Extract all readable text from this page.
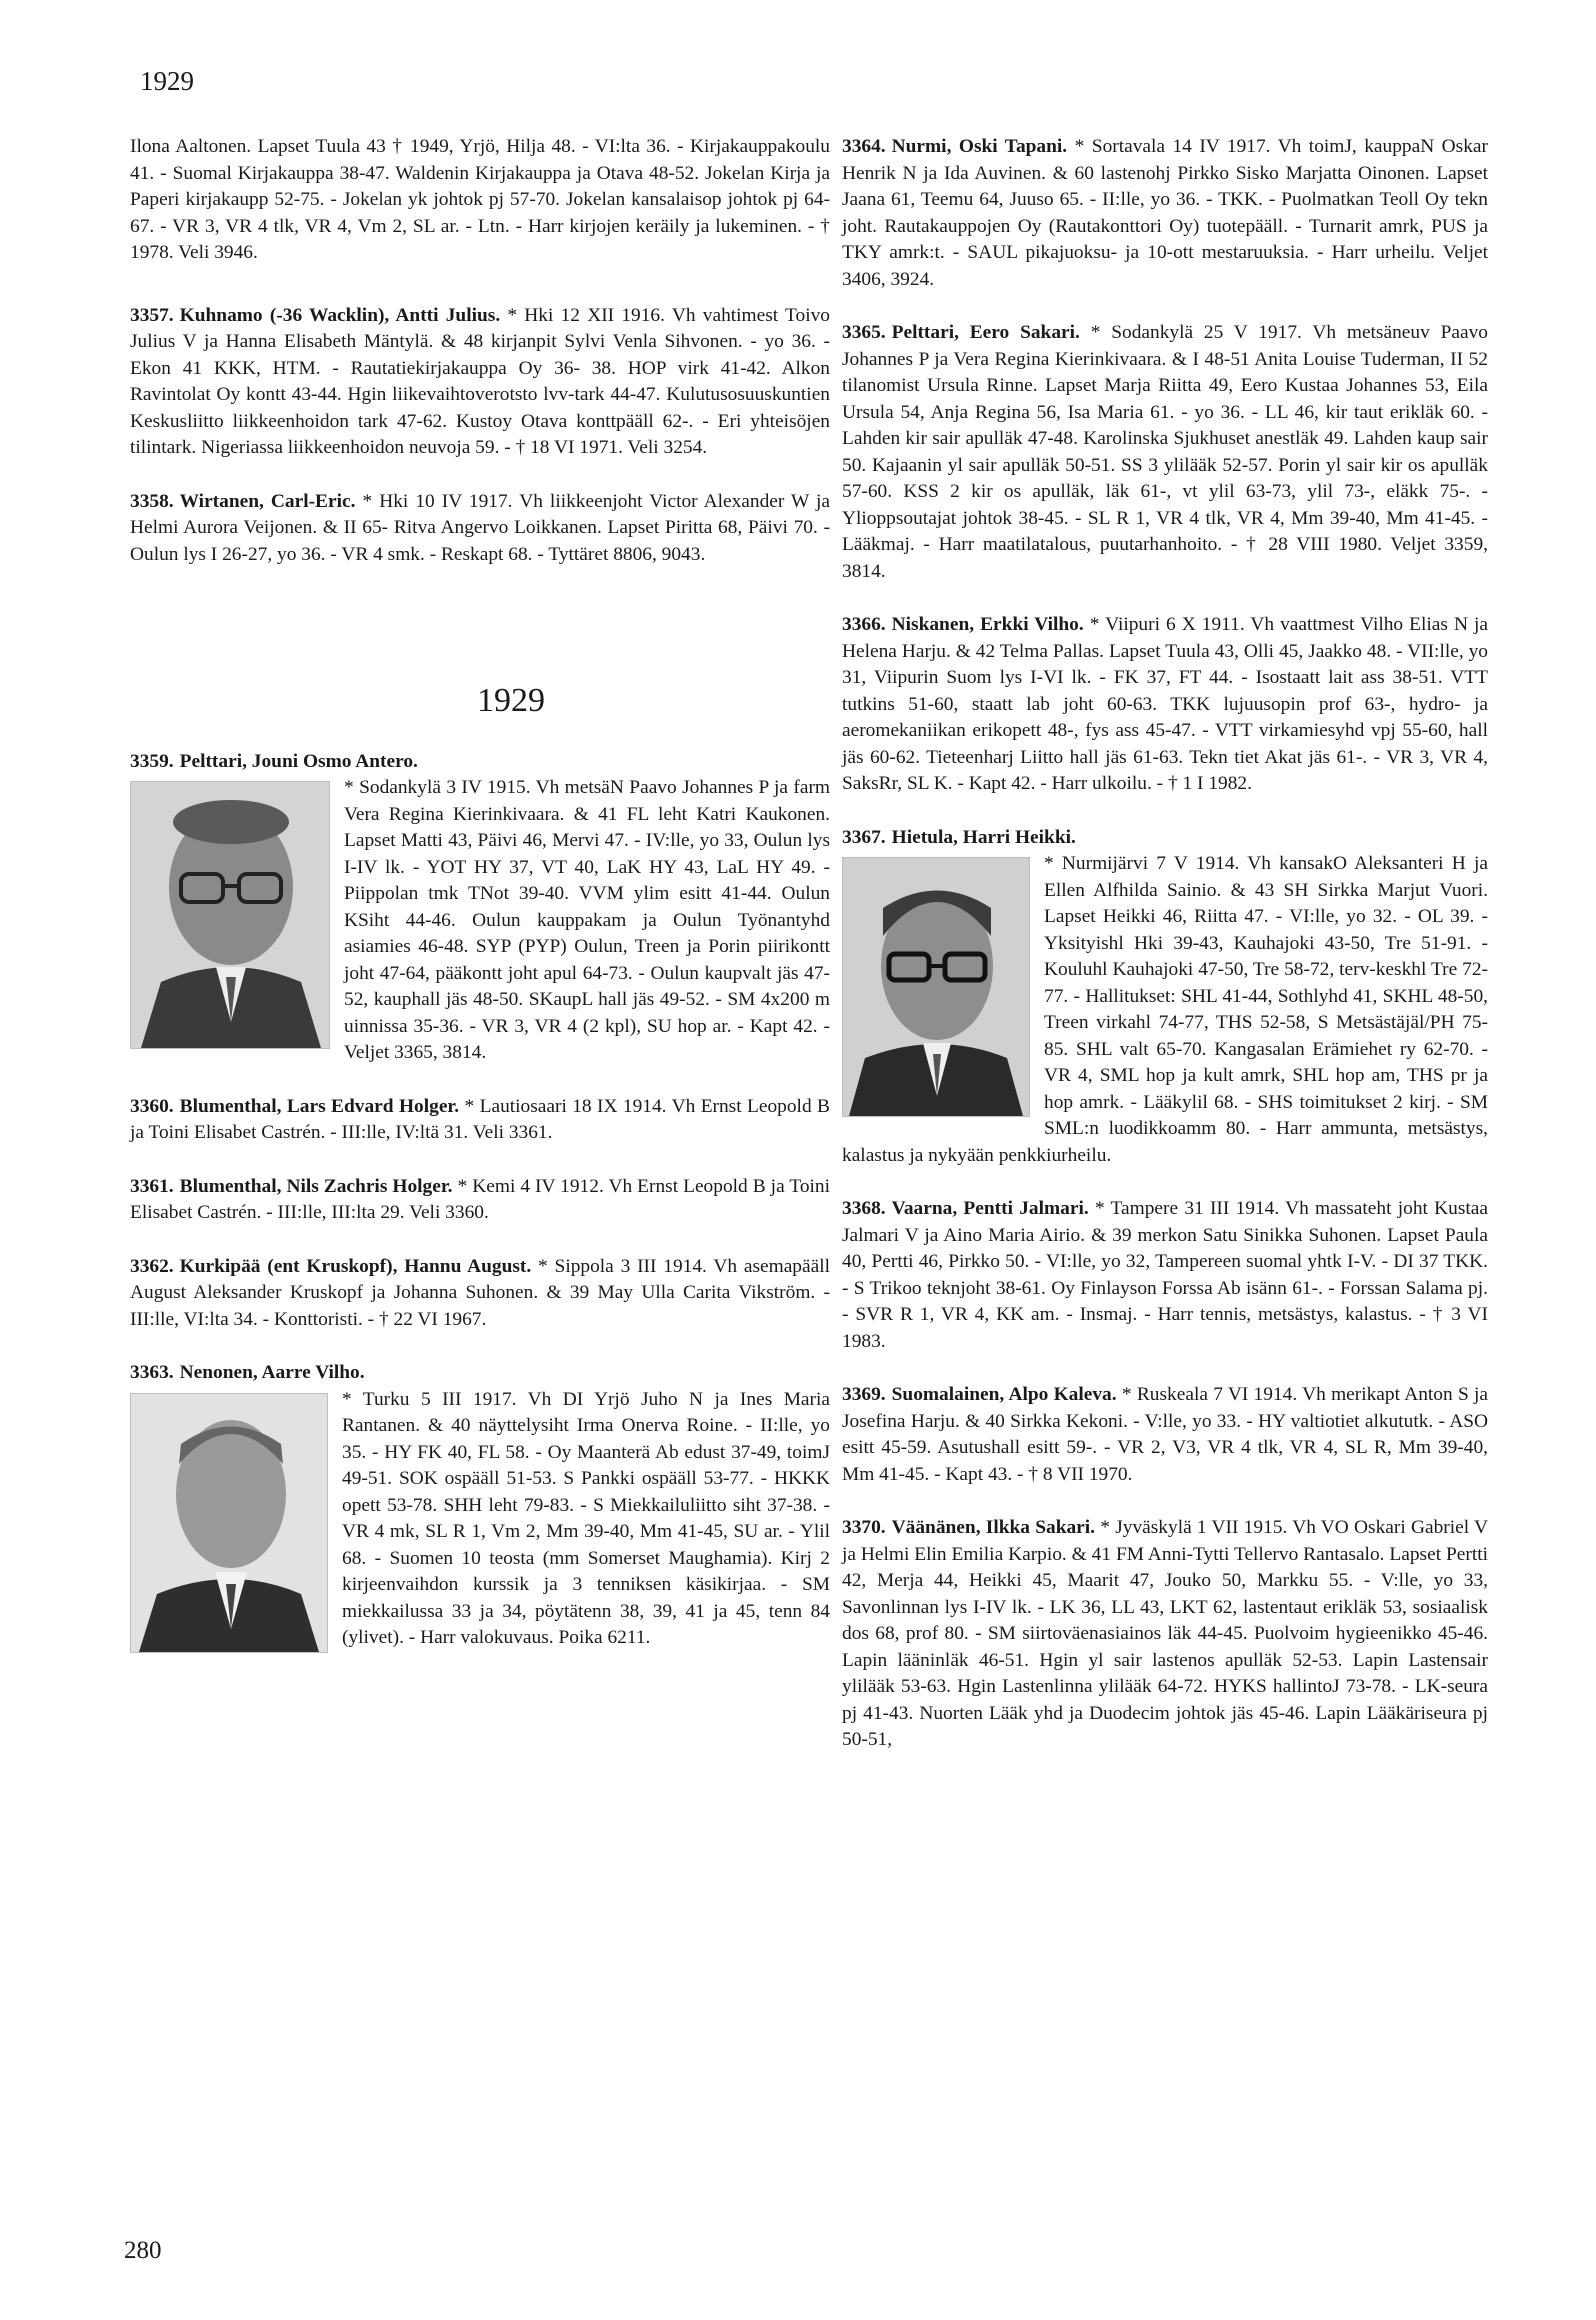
1929

Ilona Aaltonen. Lapset Tuula 43 † 1949, Yrjö, Hilja 48. - VI:lta 36. - Kirjakauppakoulu 41. - Suomal Kirjakauppa 38-47. Waldenin Kirjakauppa ja Otava 48-52. Jokelan Kirja ja Paperi kirjakaupp 52-75. - Jokelan yk johtok pj 57-70. Jokelan kansalaisop johtok pj 64-67. - VR 3, VR 4 tlk, VR 4, Vm 2, SL ar. - Ltn. - Harr kirjojen keräily ja lukeminen. - † 1978. Veli 3946.

3357. Kuhnamo (-36 Wacklin), Antti Julius. * Hki 12 XII 1916. Vh vahtimest Toivo Julius V ja Hanna Elisabeth Mäntylä. & 48 kirjanpit Sylvi Venla Sihvonen. - yo 36. - Ekon 41 KKK, HTM. - Rautatiekirjakauppa Oy 36- 38. HOP virk 41-42. Alkon Ravintolat Oy kontt 43-44. Hgin liikevaihtoverotsto lvv-tark 44-47. Kulutusosuuskuntien Keskusliitto liikkeenhoidon tark 47-62. Kustoy Otava konttpääll 62-. - Eri yhteisöjen tilintark. Nigeriassa liikkeenhoidon neuvoja 59. - † 18 VI 1971. Veli 3254.
3358. Wirtanen, Carl-Eric. * Hki 10 IV 1917. Vh liikkeenjoht Victor Alexander W ja Helmi Aurora Veijonen. & II 65- Ritva Angervo Loikkanen. Lapset Piritta 68, Päivi 70. - Oulun lys I 26-27, yo 36. - VR 4 smk. - Reskapt 68. - Tyttäret 8806, 9043.
1929
3359. Pelttari, Jouni Osmo Antero.
* Sodankylä 3 IV 1915. Vh metsäN Paavo Johannes P ja farm Vera Regina Kierinkivaara. & 41 FL leht Katri Kaukonen. Lapset Matti 43, Päivi 46, Mervi 47. - IV:lle, yo 33, Oulun lys I-IV lk. - YOT HY 37, VT 40, LaK HY 43, LaL HY 49. - Piippolan tmk TNot 39-40. VVM ylim esitt 41-44. Oulun KSiht 44-46. Oulun kauppakam ja Oulun Työnantyhd asiamies 46-48. SYP (PYP) Oulun, Treen ja Porin piirikontt joht 47-64, pääkontt joht apul 64-73. - Oulun kaupvalt jäs 47-52, kauphall jäs 48-50. SKaupL hall jäs 49-52. - SM 4x200 m uinnissa 35-36. - VR 3, VR 4 (2 kpl), SU hop ar. - Kapt 42. - Veljet 3365, 3814.
3360. Blumenthal, Lars Edvard Holger. * Lautiosaari 18 IX 1914. Vh Ernst Leopold B ja Toini Elisabet Castrén. - III:lle, IV:ltä 31. Veli 3361.
3361. Blumenthal, Nils Zachris Holger. * Kemi 4 IV 1912. Vh Ernst Leopold B ja Toini Elisabet Castrén. - III:lle, III:lta 29. Veli 3360.
3362. Kurkipää (ent Kruskopf), Hannu August. * Sippola 3 III 1914. Vh asemapääll August Aleksander Kruskopf ja Johanna Suhonen. & 39 May Ulla Carita Vikström. - III:lle, VI:lta 34. - Konttoristi. - † 22 VI 1967.
3363. Nenonen, Aarre Vilho.
* Turku 5 III 1917. Vh DI Yrjö Juho N ja Ines Maria Rantanen. & 40 näyttelysiht Irma Onerva Roine. - II:lle, yo 35. - HY FK 40, FL 58. - Oy Maanterä Ab edust 37-49, toimJ 49-51. SOK ospääll 51-53. S Pankki ospääll 53-77. - HKKK opett 53-78. SHH leht 79-83. - S Miekkailuliitto siht 37-38. - VR 4 mk, SL R 1, Vm 2, Mm 39-40, Mm 41-45, SU ar. - Ylil 68. - Suomen 10 teosta (mm Somerset Maughamia). Kirj 2 kirjeenvaihdon kurssik ja 3 tenniksen käsikirjaa. - SM miekkailussa 33 ja 34, pöytätenn 38, 39, 41 ja 45, tenn 84 (ylivet). - Harr valokuvaus. Poika 6211.
3364. Nurmi, Oski Tapani. * Sortavala 14 IV 1917. Vh toimJ, kauppaN Oskar Henrik N ja Ida Auvinen. & 60 lastenohj Pirkko Sisko Marjatta Oinonen. Lapset Jaana 61, Teemu 64, Juuso 65. - II:lle, yo 36. - TKK. - Puolmatkan Teoll Oy tekn joht. Rautakauppojen Oy (Rautakonttori Oy) tuotepääll. - Turnarit amrk, PUS ja TKY amrk:t. - SAUL pikajuoksu- ja 10-ott mestaruuksia. - Harr urheilu. Veljet 3406, 3924.
3365. Pelttari, Eero Sakari. * Sodankylä 25 V 1917. Vh metsäneuv Paavo Johannes P ja Vera Regina Kierinkivaara. & I 48-51 Anita Louise Tuderman, II 52 tilanomist Ursula Rinne. Lapset Marja Riitta 49, Eero Kustaa Johannes 53, Eila Ursula 54, Anja Regina 56, Isa Maria 61. - yo 36. - LL 46, kir taut erikläk 60. - Lahden kir sair apulläk 47-48. Karolinska Sjukhuset anestläk 49. Lahden kaup sair 50. Kajaanin yl sair apulläk 50-51. SS 3 ylilääk 52-57. Porin yl sair kir os apulläk 57-60. KSS 2 kir os apulläk, läk 61-, vt ylil 63-73, ylil 73-, eläkk 75-. - Ylioppsoutajat johtok 38-45. - SL R 1, VR 4 tlk, VR 4, Mm 39-40, Mm 41-45. - Lääkmaj. - Harr maatilatalous, puutarhanhoito. - † 28 VIII 1980. Veljet 3359, 3814.
3366. Niskanen, Erkki Vilho. * Viipuri 6 X 1911. Vh vaattmest Vilho Elias N ja Helena Harju. & 42 Telma Pallas. Lapset Tuula 43, Olli 45, Jaakko 48. - VII:lle, yo 31, Viipurin Suom lys I-VI lk. - FK 37, FT 44. - Isostaatt lait ass 38-51. VTT tutkins 51-60, staatt lab joht 60-63. TKK lujuusopin prof 63-, hydro- ja aeromekaniikan erikopett 48-, fys ass 45-47. - VTT virkamiesyhd vpj 55-60, hall jäs 60-62. Tieteenharj Liitto hall jäs 61-63. Tekn tiet Akat jäs 61-. - VR 3, VR 4, SaksRr, SL K. - Kapt 42. - Harr ulkoilu. - † 1 I 1982.
3367. Hietula, Harri Heikki.
* Nurmijärvi 7 V 1914. Vh kansakO Aleksanteri H ja Ellen Alfhilda Sainio. & 43 SH Sirkka Marjut Vuori. Lapset Heikki 46, Riitta 47. - VI:lle, yo 32. - OL 39. - Yksityishl Hki 39-43, Kauhajoki 43-50, Tre 51-91. - Kouluhl Kauhajoki 47-50, Tre 58-72, terv-keskhl Tre 72-77. - Hallitukset: SHL 41-44, Sothlyhd 41, SKHL 48-50, Treen virkahl 74-77, THS 52-58, S Metsästäjäl/PH 75-85. SHL valt 65-70. Kangasalan Erämiehet ry 62-70. - VR 4, SML hop ja kult amrk, SHL hop am, THS pr ja hop amrk. - Lääkylil 68. - SHS toimitukset 2 kirj. - SM SML:n luodikkoamm 80. - Harr ammunta, metsästys, kalastus ja nykyään penkkiurheilu.
3368. Vaarna, Pentti Jalmari. * Tampere 31 III 1914. Vh massateht joht Kustaa Jalmari V ja Aino Maria Airio. & 39 merkon Satu Sinikka Suhonen. Lapset Paula 40, Pertti 46, Pirkko 50. - VI:lle, yo 32, Tampereen suomal yhtk I-V. - DI 37 TKK. - S Trikoo teknjoht 38-61. Oy Finlayson Forssa Ab isänn 61-. - Forssan Salama pj. - SVR R 1, VR 4, KK am. - Insmaj. - Harr tennis, metsästys, kalastus. - † 3 VI 1983.
3369. Suomalainen, Alpo Kaleva. * Ruskeala 7 VI 1914. Vh merikapt Anton S ja Josefina Harju. & 40 Sirkka Kekoni. - V:lle, yo 33. - HY valtiotiet alkututk. - ASO esitt 45-59. Asutushall esitt 59-. - VR 2, V3, VR 4 tlk, VR 4, SL R, Mm 39-40, Mm 41-45. - Kapt 43. - † 8 VII 1970.
3370. Väänänen, Ilkka Sakari. * Jyväskylä 1 VII 1915. Vh VO Oskari Gabriel V ja Helmi Elin Emilia Karpio. & 41 FM Anni-Tytti Tellervo Rantasalo. Lapset Pertti 42, Merja 44, Heikki 45, Maarit 47, Jouko 50, Markku 55. - V:lle, yo 33, Savonlinnan lys I-IV lk. - LK 36, LL 43, LKT 62, lastentaut erikläk 53, sosiaalisk dos 68, prof 80. - SM siirtoväenasiainos läk 44-45. Puolvoim hygieenikko 45-46. Lapin lääninläk 46-51. Hgin yl sair lastenos apulläk 52-53. Lapin Lastensair ylilääk 53-63. Hgin Lastenlinna ylilääk 64-72. HYKS hallintoJ 73-78. - LK-seura pj 41-43. Nuorten Lääk yhd ja Duodecim johtok jäs 45-46. Lapin Lääkäriseura pj 50-51,
280
